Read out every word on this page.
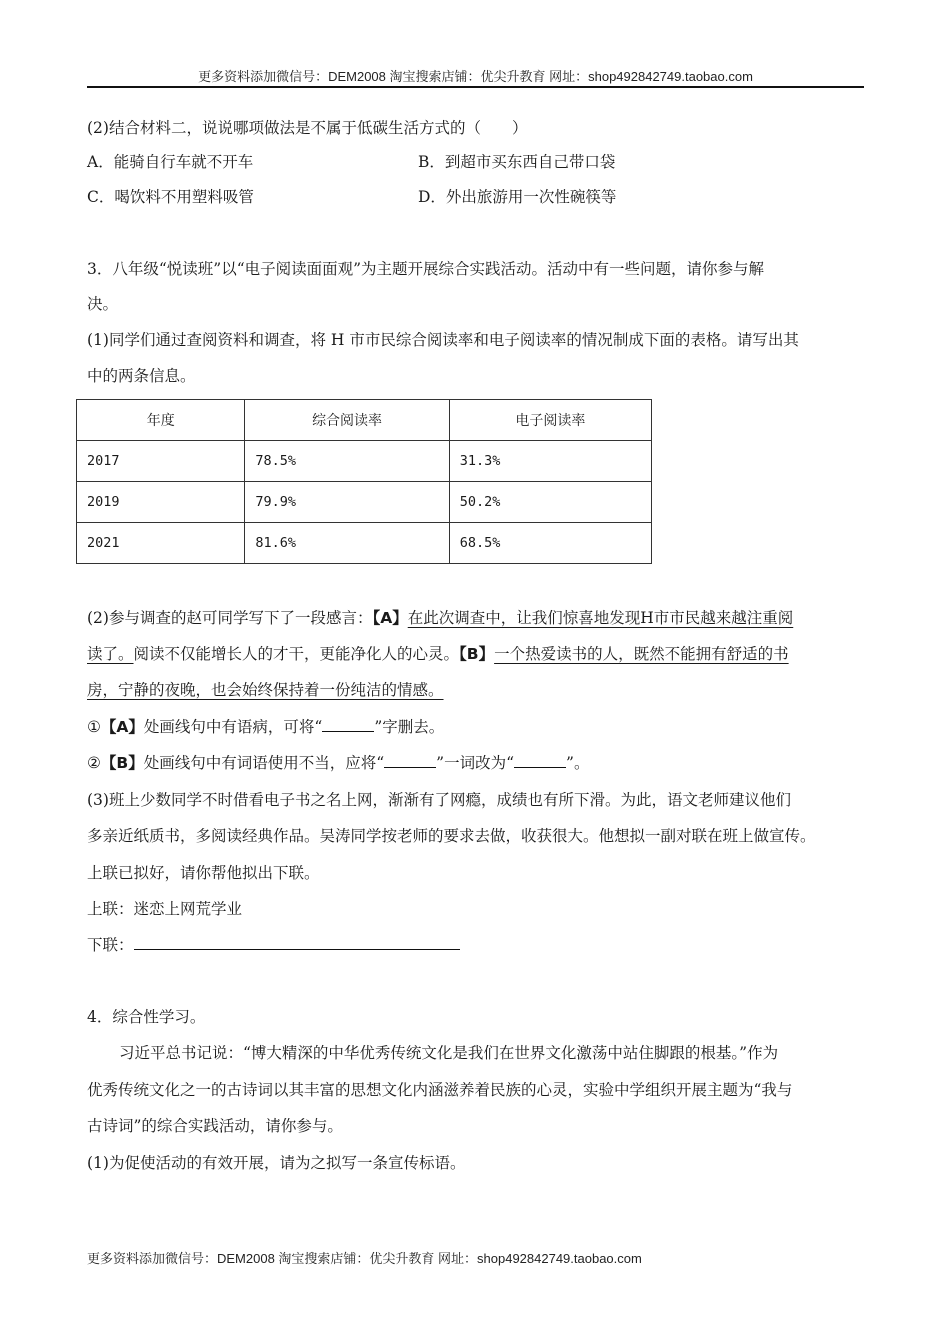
更多资料添加微信号：DEM2008 淘宝搜索店铺：优尖升教育 网址：shop492842749.taobao.com
(2)结合材料二，说说哪项做法是不属于低碳生活方式的（　　）
A．能骑自行车就不开车	B．到超市买东西自己带口袋
C．喝饮料不用塑料吸管	D．外出旅游用一次性碗筷等
3．八年级“悦读班”以“电子阅读面面观”为主题开展综合实践活动。活动中有一些问题，请你参与解
决。
(1)同学们通过查阅资料和调查，将 H 市市民综合阅读率和电子阅读率的情况制成下面的表格。请写出其
中的两条信息。
年度	综合阅读率	电子阅读率
2017	78.5%	31.3%
2019	79.9%	50.2%
2021	81.6%	68.5%
(2)参与调查的赵可同学写下了一段感言：【A】在此次调查中，让我们惊喜地发现H市市民越来越注重阅
读了。阅读不仅能增长人的才干，更能净化人的心灵。【B】一个热爱读书的人，既然不能拥有舒适的书
房，宁静的夜晚，也会始终保持着一份纯洁的情感。
①【A】处画线句中有语病，可将“	”字删去。
②【B】处画线句中有词语使用不当，应将“	”一词改为“	”。
(3)班上少数同学不时借看电子书之名上网，渐渐有了网瘾，成绩也有所下滑。为此，语文老师建议他们
多亲近纸质书，多阅读经典作品。吴涛同学按老师的要求去做，收获很大。他想拟一副对联在班上做宣传。
上联已拟好，请你帮他拟出下联。
上联：迷恋上网荒学业
下联：
4．综合性学习。
习近平总书记说：“博大精深的中华优秀传统文化是我们在世界文化激荡中站住脚跟的根基。”作为
优秀传统文化之一的古诗词以其丰富的思想文化内涵滋养着民族的心灵，实验中学组织开展主题为“我与
古诗词”的综合实践活动，请你参与。
(1)为促使活动的有效开展，请为之拟写一条宣传标语。
更多资料添加微信号：DEM2008 淘宝搜索店铺：优尖升教育 网址：shop492842749.taobao.com
